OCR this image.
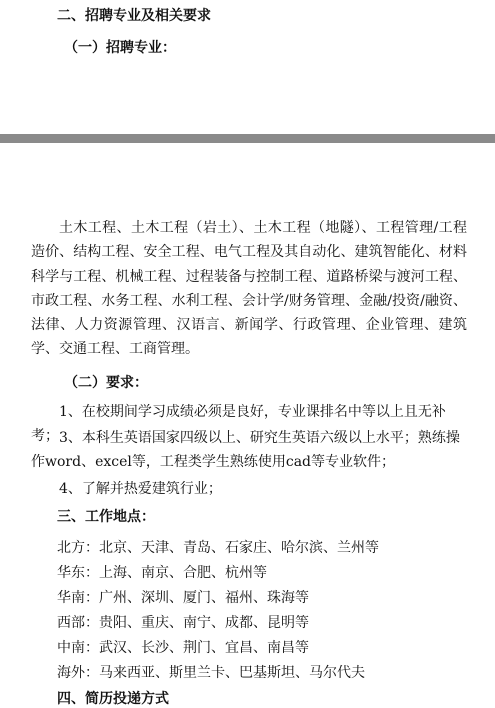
二、招聘专业及相关要求
（一）招聘专业：
土木工程、土木工程（岩土）、土木工程（地隧）、工程管理/工程造价、结构工程、安全工程、电气工程及其自动化、建筑智能化、材料科学与工程、机械工程、过程装备与控制工程、道路桥梁与渡河工程、市政工程、水务工程、水利工程、会计学/财务管理、金融/投资/融资、法律、人力资源管理、汉语言、新闻学、行政管理、企业管理、建筑学、交通工程、工商管理。
（二）要求：
1、在校期间学习成绩必须是良好，专业课排名中等以上且无补考； 3、本科生英语国家四级以上、研究生英语六级以上水平；熟练操作word、excel等，工程类学生熟练使用cad等专业软件；
4、了解并热爱建筑行业；
三、工作地点：
北方：北京、天津、青岛、石家庄、哈尔滨、兰州等
华东：上海、南京、合肥、杭州等
华南：广州、深圳、厦门、福州、珠海等
西部：贵阳、重庆、南宁、成都、昆明等
中南：武汉、长沙、荆门、宜昌、南昌等
海外：马来西亚、斯里兰卡、巴基斯坦、马尔代夫
四、简历投递方式
